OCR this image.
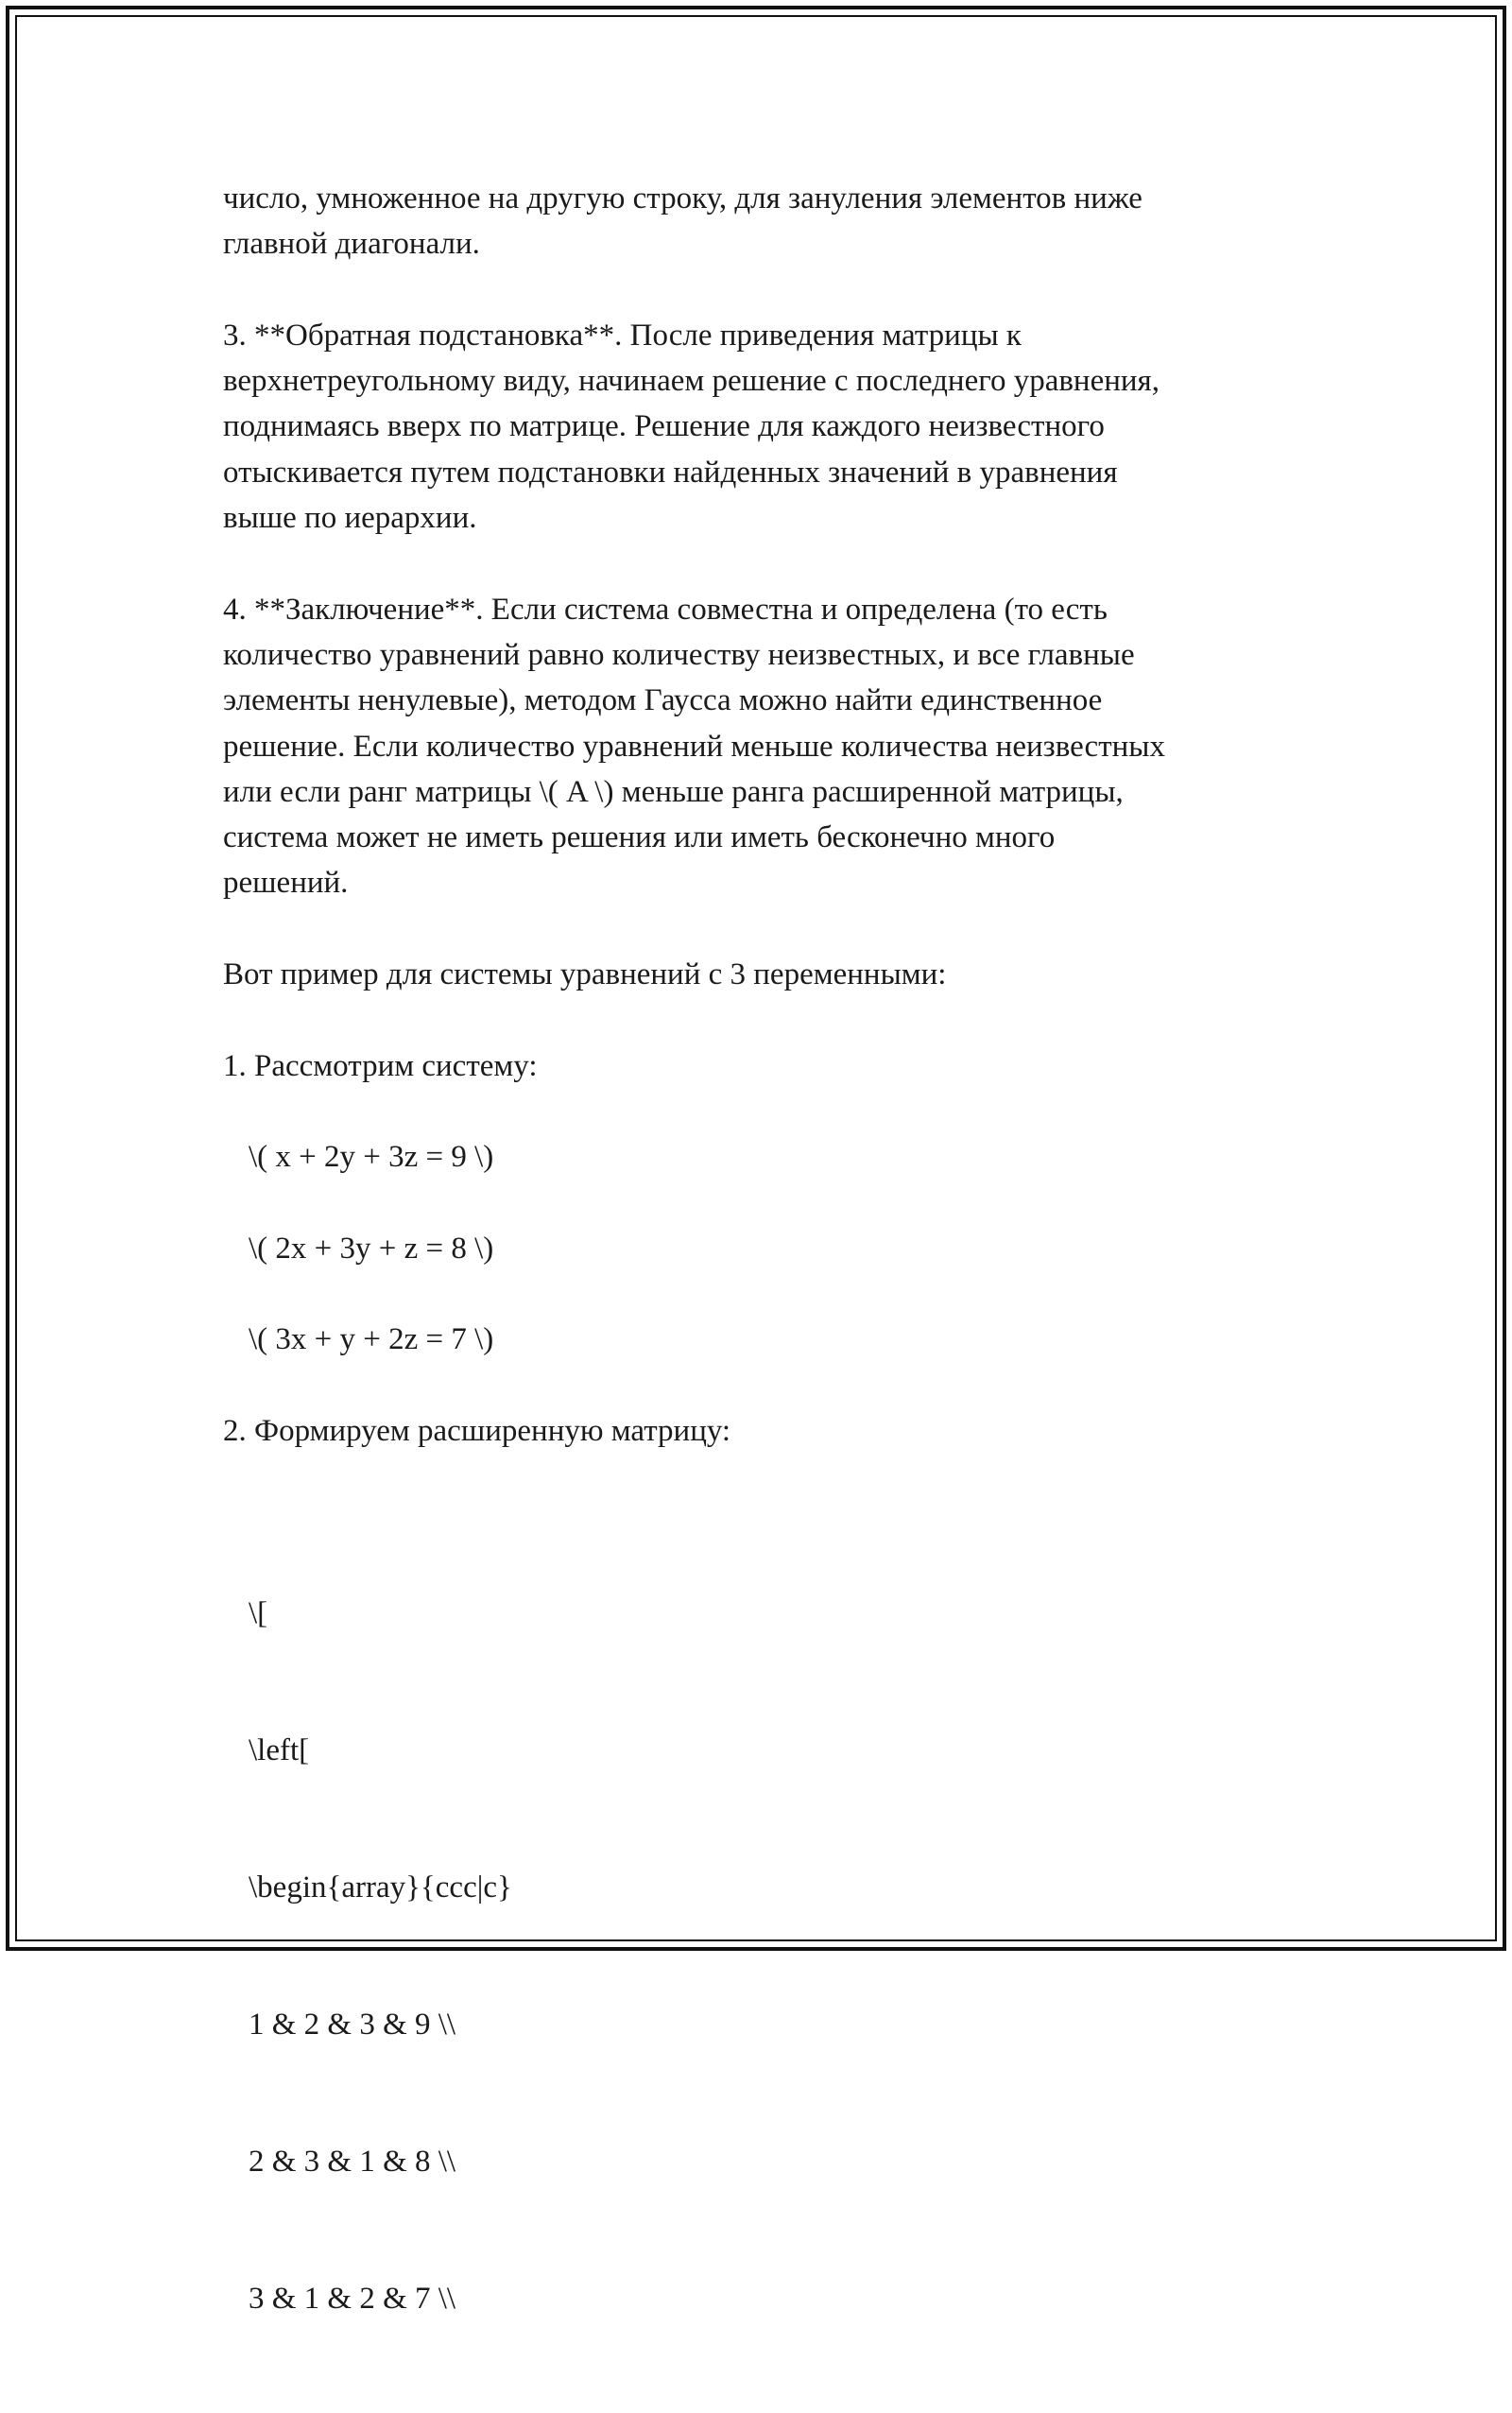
число, умноженное на другую строку, для зануления элементов ниже
главной диагонали.
3. **Обратная подстановка**. После приведения матрицы к
верхнетреугольному виду, начинаем решение с последнего уравнения,
поднимаясь вверх по матрице. Решение для каждого неизвестного
отыскивается путем подстановки найденных значений в уравнения
выше по иерархии.
4. **Заключение**. Если система совместна и определена (то есть
количество уравнений равно количеству неизвестных, и все главные
элементы ненулевые), методом Гаусса можно найти единственное
решение. Если количество уравнений меньше количества неизвестных
или если ранг матрицы \( A \) меньше ранга расширенной матрицы,
система может не иметь решения или иметь бесконечно много
решений.
Вот пример для системы уравнений с 3 переменными:
1. Рассмотрим систему:
\( x + 2y + 3z = 9 \)
\( 2x + 3y + z = 8 \)
\( 3x + y + 2z = 7 \)
2. Формируем расширенную матрицу:

\[

\left[

\begin{array}{ccc|c}

1 & 2 & 3 & 9 \\

2 & 3 & 1 & 8 \\

3 & 1 & 2 & 7 \\
